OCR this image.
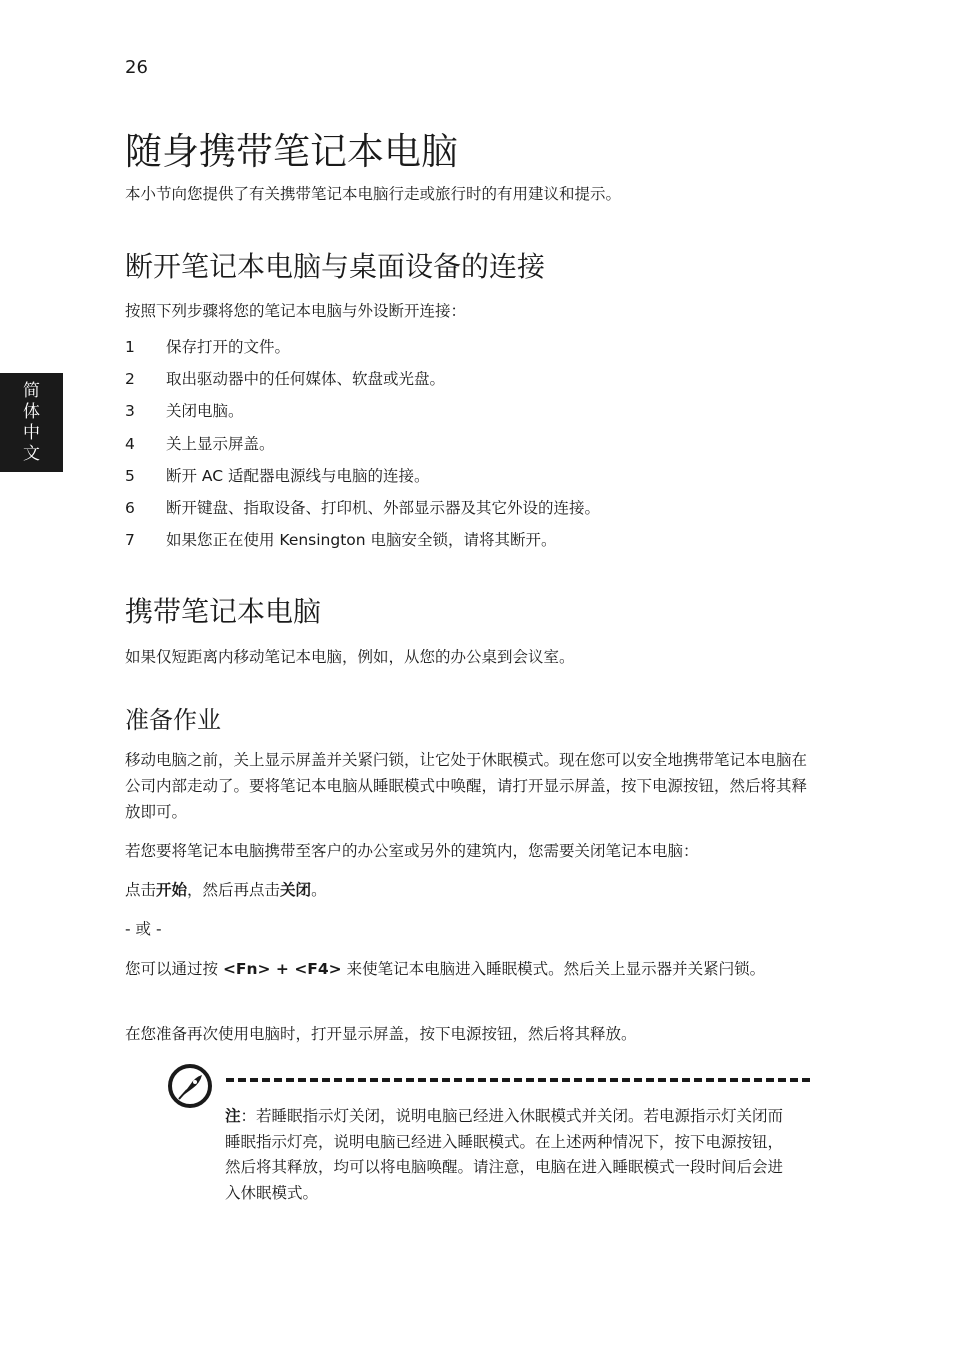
26
简
体
中
文
随身携带笔记本电脑

本小节向您提供了有关携带笔记本电脑行走或旅行时的有用建议和提示。

断开笔记本电脑与桌面设备的连接

按照下列步骤将您的笔记本电脑与外设断开连接：

1	保存打开的文件。
2	取出驱动器中的任何媒体、软盘或光盘。
3	关闭电脑。
4	关上显示屏盖。
5	断开 AC 适配器电源线与电脑的连接。
6	断开键盘、指取设备、打印机、外部显示器及其它外设的连接。
7	如果您正在使用 Kensington 电脑安全锁，请将其断开。
携带笔记本电脑

如果仅短距离内移动笔记本电脑，例如，从您的办公桌到会议室。

准备作业

移动电脑之前，关上显示屏盖并关紧闩锁，让它处于休眠模式。现在您可以安全地携带笔记本电脑在公司内部走动了。要将笔记本电脑从睡眠模式中唤醒，请打开显示屏盖，按下电源按钮，然后将其释放即可。

若您要将笔记本电脑携带至客户的办公室或另外的建筑内，您需要关闭笔记本电脑：

点击开始，然后再点击关闭。

- 或 -

您可以通过按 <Fn> + <F4> 来使笔记本电脑进入睡眠模式。然后关上显示器并关紧闩锁。

在您准备再次使用电脑时，打开显示屏盖，按下电源按钮，然后将其释放。

注：若睡眠指示灯关闭，说明电脑已经进入休眠模式并关闭。若电源指示灯关闭而睡眠指示灯亮，说明电脑已经进入睡眠模式。在上述两种情况下，按下电源按钮，然后将其释放，均可以将电脑唤醒。请注意，电脑在进入睡眠模式一段时间后会进入休眠模式。
